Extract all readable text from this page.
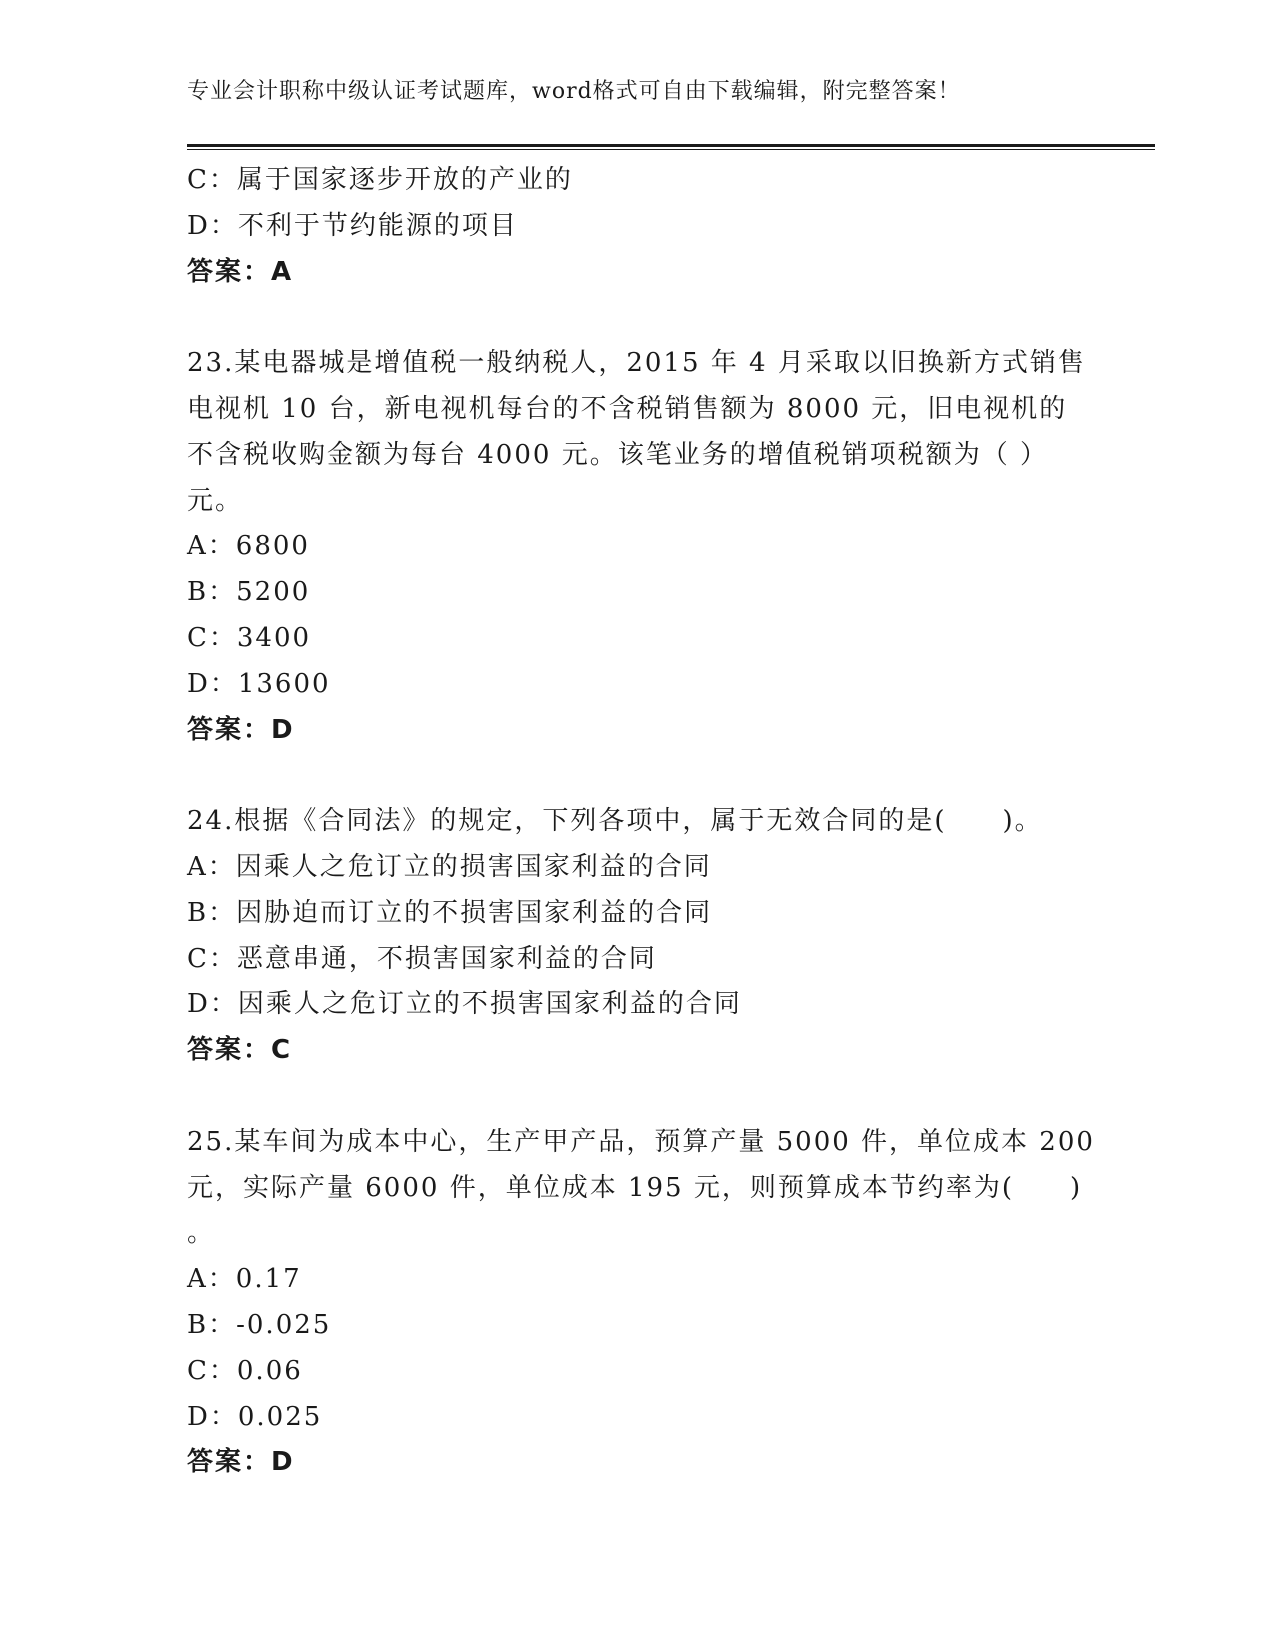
专业会计职称中级认证考试题库，word格式可自由下载编辑，附完整答案！
C：属于国家逐步开放的产业的
D：不利于节约能源的项目
答案：A
23.某电器城是增值税一般纳税人，2015 年 4 月采取以旧换新方式销售
电视机 10 台，新电视机每台的不含税销售额为 8000 元，旧电视机的
不含税收购金额为每台 4000 元。该笔业务的增值税销项税额为（ ）
元。
A：6800
B：5200
C：3400
D：13600
答案：D
24.根据《合同法》的规定，下列各项中，属于无效合同的是(　　)。
A：因乘人之危订立的损害国家利益的合同
B：因胁迫而订立的不损害国家利益的合同
C：恶意串通，不损害国家利益的合同
D：因乘人之危订立的不损害国家利益的合同
答案：C
25.某车间为成本中心，生产甲产品，预算产量 5000 件，单位成本 200
元，实际产量 6000 件，单位成本 195 元，则预算成本节约率为(　　)
。
A：0.17
B：-0.025
C：0.06
D：0.025
答案：D
